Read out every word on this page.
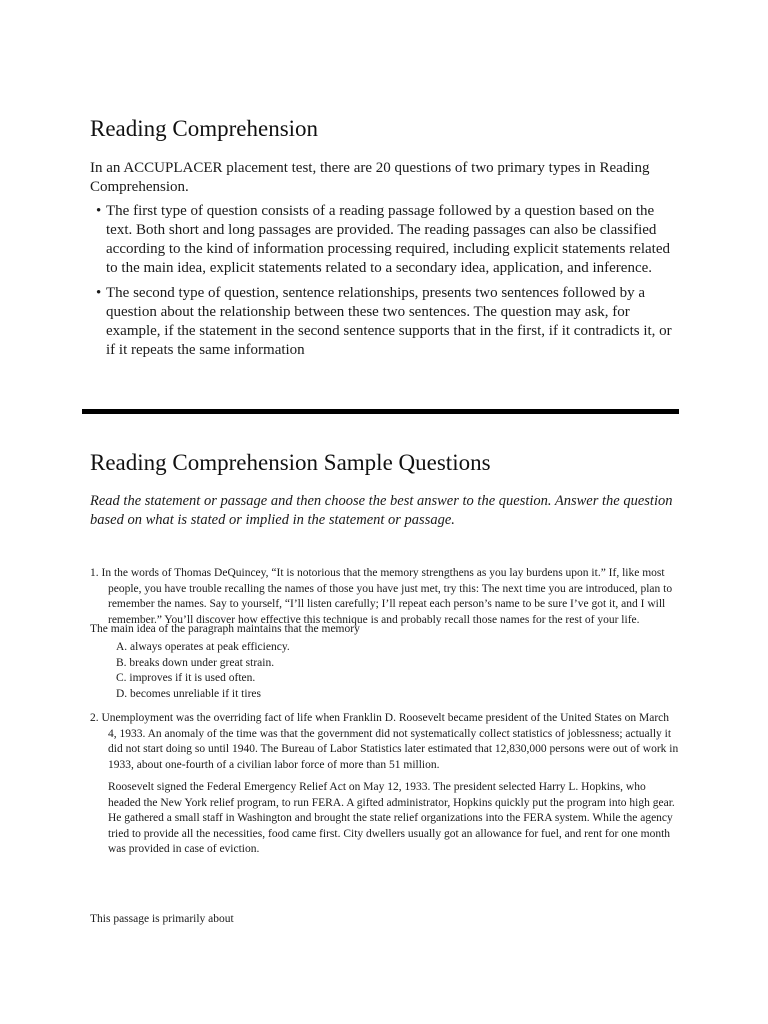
Reading Comprehension

In an ACCUPLACER placement test, there are 20 questions of two primary types in Reading Comprehension.

• The first type of question consists of a reading passage followed by a question based on the text. Both short and long passages are provided. The reading passages can also be classified according to the kind of information processing required, including explicit statements related to the main idea, explicit statements related to a secondary idea, application, and inference.
• The second type of question, sentence relationships, presents two sentences followed by a question about the relationship between these two sentences. The question may ask, for example, if the statement in the second sentence supports that in the first, if it contradicts it, or if it repeats the same information
Reading Comprehension Sample Questions

Read the statement or passage and then choose the best answer to the question. Answer the question based on what is stated or implied in the statement or passage.

1. In the words of Thomas DeQuincey, “It is notorious that the memory strengthens as you lay burdens upon it.” If, like most people, you have trouble recalling the names of those you have just met, try this: The next time you are introduced, plan to remember the names. Say to yourself, “I’ll listen carefully; I’ll repeat each person’s name to be sure I’ve got it, and I will remember.” You’ll discover how effective this technique is and probably recall those names for the rest of your life.

The main idea of the paragraph maintains that the memory

A. always operates at peak efficiency.
B. breaks down under great strain.
C. improves if it is used often.
D. becomes unreliable if it tires

2. Unemployment was the overriding fact of life when Franklin D. Roosevelt became president of the United States on March 4, 1933. An anomaly of the time was that the government did not systematically collect statistics of joblessness; actually it did not start doing so until 1940. The Bureau of Labor Statistics later estimated that 12,830,000 persons were out of work in 1933, about one-fourth of a civilian labor force of more than 51 million.

Roosevelt signed the Federal Emergency Relief Act on May 12, 1933. The president selected Harry L. Hopkins, who headed the New York relief program, to run FERA. A gifted administrator, Hopkins quickly put the program into high gear. He gathered a small staff in Washington and brought the state relief organizations into the FERA system. While the agency tried to provide all the necessities, food came first. City dwellers usually got an allowance for fuel, and rent for one month was provided in case of eviction.

This passage is primarily about
